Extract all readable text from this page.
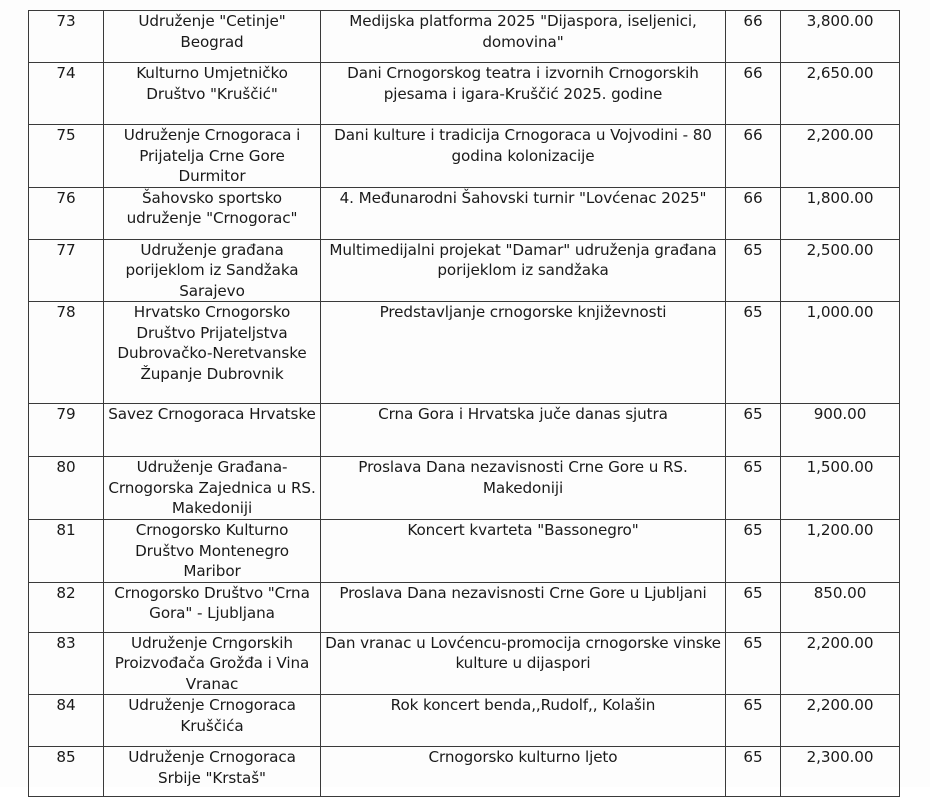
73	Udruženje "Cetinje" Beograd	Medijska platforma 2025 "Dijaspora, iseljenici, domovina"	66	3,800.00
74	Kulturno Umjetničko Društvo "Kruščić"	Dani Crnogorskog teatra i izvornih Crnogorskih pjesama i igara-Kruščić 2025. godine	66	2,650.00
75	Udruženje Crnogoraca i Prijatelja Crne Gore Durmitor	Dani kulture i tradicija Crnogoraca u Vojvodini - 80 godina kolonizacije	66	2,200.00
76	Šahovsko sportsko udruženje "Crnogorac"	4. Međunarodni Šahovski turnir "Lovćenac 2025"	66	1,800.00
77	Udruženje građana porijeklom iz Sandžaka Sarajevo	Multimedijalni projekat "Damar" udruženja građana porijeklom iz sandžaka	65	2,500.00
78	Hrvatsko Crnogorsko Društvo Prijateljstva Dubrovačko-Neretvanske Županje Dubrovnik	Predstavljanje crnogorske književnosti	65	1,000.00
79	Savez Crnogoraca Hrvatske	Crna Gora i Hrvatska juče danas sjutra	65	900.00
80	Udruženje Građana-Crnogorska Zajednica u RS. Makedoniji	Proslava Dana nezavisnosti Crne Gore u RS. Makedoniji	65	1,500.00
81	Crnogorsko Kulturno Društvo Montenegro Maribor	Koncert kvarteta "Bassonegro"	65	1,200.00
82	Crnogorsko Društvo "Crna Gora" - Ljubljana	Proslava Dana nezavisnosti Crne Gore u Ljubljani	65	850.00
83	Udruženje Crngorskih Proizvođača Grožđa i Vina Vranac	Dan vranac u Lovćencu-promocija crnogorske vinske kulture u dijaspori	65	2,200.00
84	Udruženje Crnogoraca Kruščića	Rok koncert benda,,Rudolf,, Kolašin	65	2,200.00
85	Udruženje Crnogoraca Srbije "Krstaš"	Crnogorsko kulturno ljeto	65	2,300.00
